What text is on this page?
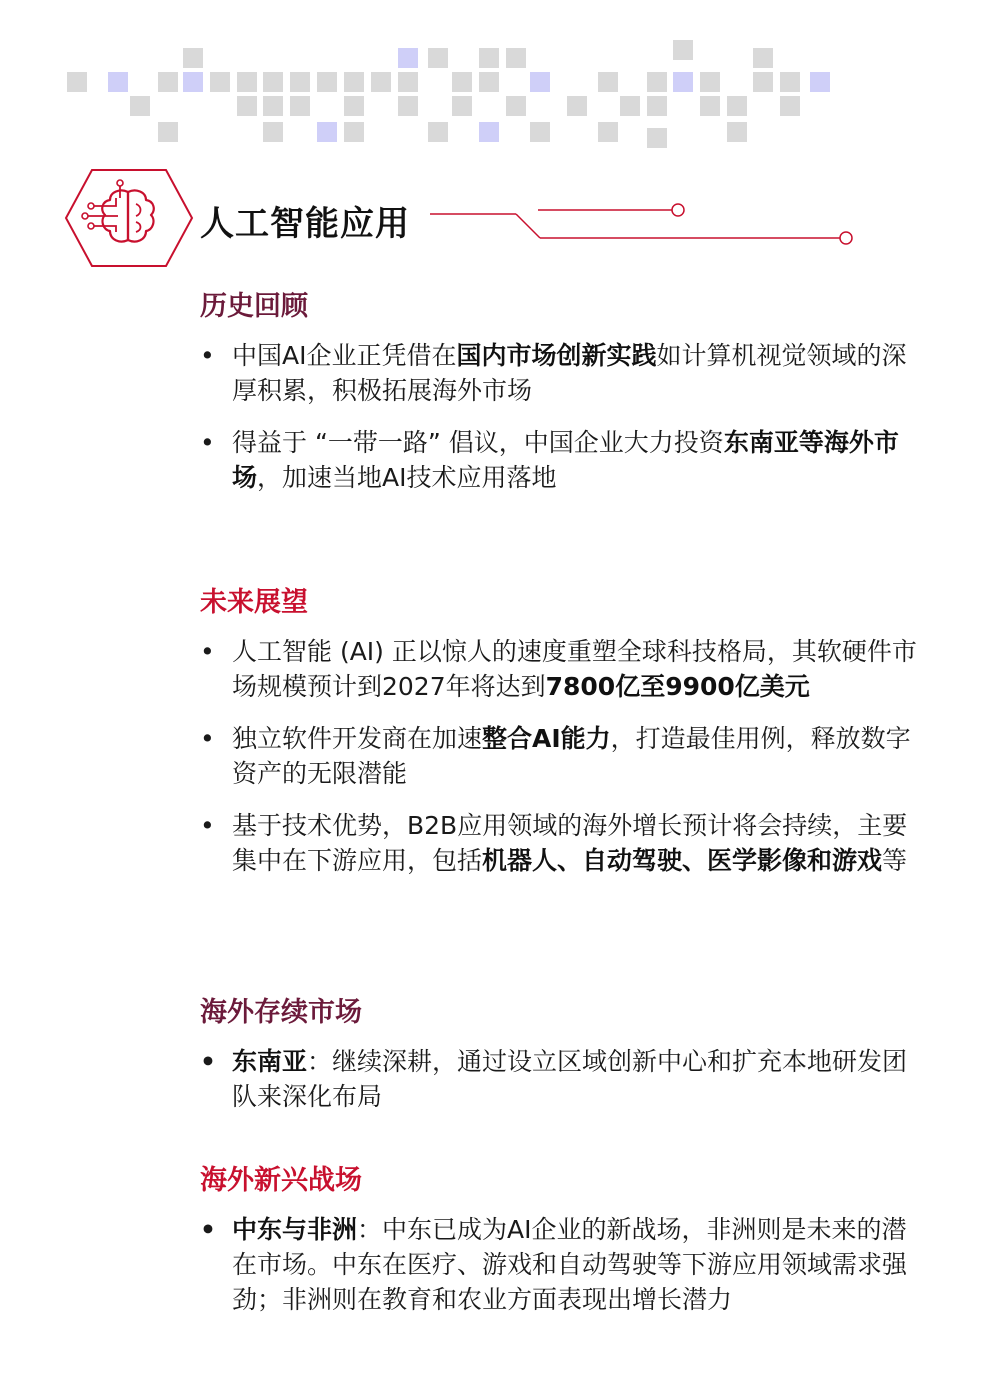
人工智能应用
历史回顾
• 中国AI企业正凭借在国内市场创新实践如计算机视觉领域的深厚积累，积极拓展海外市场
• 得益于 “一带一路” 倡议，中国企业大力投资东南亚等海外市场，加速当地AI技术应用落地
未来展望
• 人工智能 (AI) 正以惊人的速度重塑全球科技格局，其软硬件市场规模预计到2027年将达到7800亿至9900亿美元
• 独立软件开发商在加速整合AI能力，打造最佳用例，释放数字资产的无限潜能
• 基于技术优势，B2B应用领域的海外增长预计将会持续，主要集中在下游应用，包括机器人、自动驾驶、医学影像和游戏等
海外存续市场
• 东南亚：继续深耕，通过设立区域创新中心和扩充本地研发团队来深化布局
海外新兴战场
• 中东与非洲：中东已成为AI企业的新战场，非洲则是未来的潜在市场。中东在医疗、游戏和自动驾驶等下游应用领域需求强劲；非洲则在教育和农业方面表现出增长潜力
